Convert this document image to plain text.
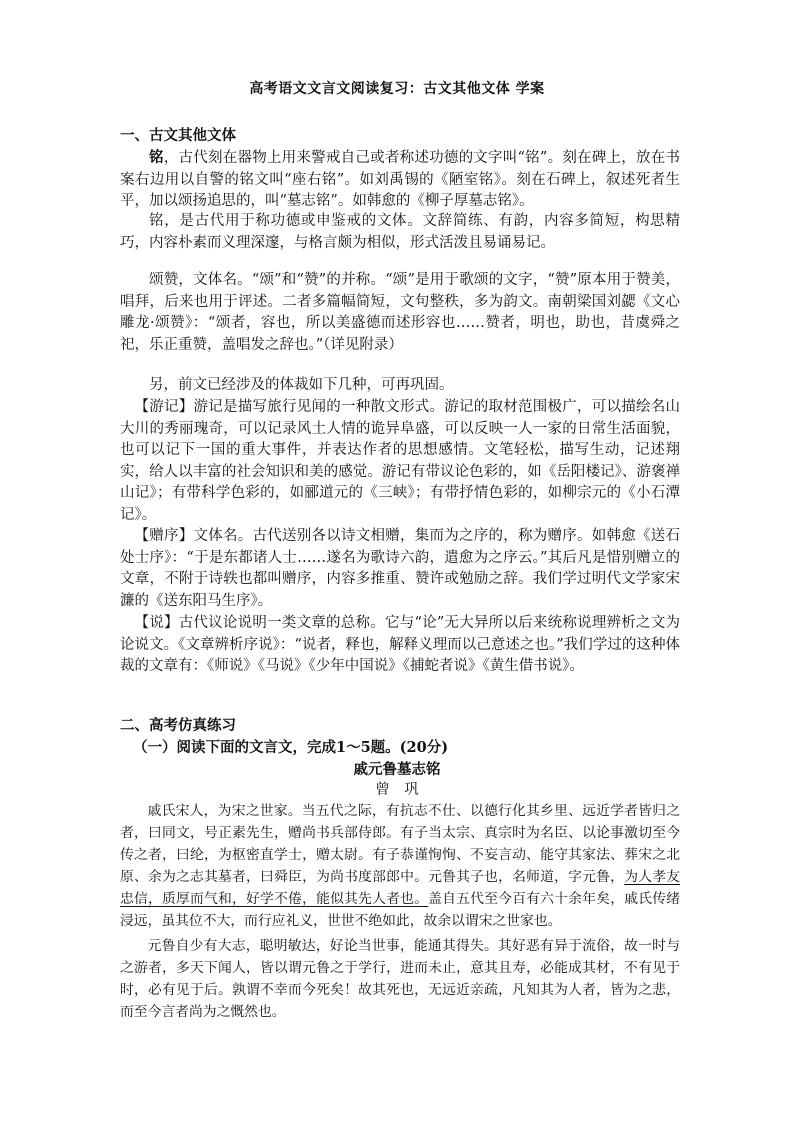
高考语文文言文阅读复习：古文其他文体 学案
一、古文其他文体
铭，古代刻在器物上用来警戒自己或者称述功德的文字叫“铭”。刻在碑上，放在书案右边用以自警的铭文叫“座右铭”。如刘禹锡的《陋室铭》。刻在石碑上，叙述死者生平，加以颂扬追思的，叫“墓志铭”。如韩愈的《柳子厚墓志铭》。
铭，是古代用于称功德或申鉴戒的文体。文辞简练、有韵，内容多简短，构思精巧，内容朴素而义理深邃，与格言颇为相似，形式活泼且易诵易记。
颂赞，文体名。“颂”和“赞”的并称。“颂”是用于歌颂的文字，“赞”原本用于赞美，唱拜，后来也用于评述。二者多篇幅简短，文句整秩，多为韵文。南朝梁国刘勰《文心雕龙·颂赞》：“颂者，容也，所以美盛德而述形容也……赞者，明也，助也，昔虞舜之祀，乐正重赞，盖唱发之辞也。”（详见附录）
另，前文已经涉及的体裁如下几种，可再巩固。
【游记】游记是描写旅行见闻的一种散文形式。游记的取材范围极广，可以描绘名山大川的秀丽瑰奇，可以记录风土人情的诡异阜盛，可以反映一人一家的日常生活面貌，也可以记下一国的重大事件，并表达作者的思想感情。文笔轻松，描写生动，记述翔实，给人以丰富的社会知识和美的感觉。游记有带议论色彩的，如《岳阳楼记》、游褒禅山记》；有带科学色彩的，如郦道元的《三峡》；有带抒情色彩的，如柳宗元的《小石潭记》。
【赠序】文体名。古代送别各以诗文相赠，集而为之序的，称为赠序。如韩愈《送石处士序》：“于是东都诸人士……遂名为歌诗六韵，遣愈为之序云。”其后凡是惜别赠立的文章，不附于诗轶也都叫赠序，内容多推重、赞许或勉励之辞。我们学过明代文学家宋濂的《送东阳马生序》。
【说】古代议论说明一类文章的总称。它与“论”无大异所以后来统称说理辨析之文为论说文。《文章辨析序说》：“说者，释也，解释义理而以己意述之也。”我们学过的这种体裁的文章有：《师说》《马说》《少年中国说》《捕蛇者说》《黄生借书说》。
二、高考仿真练习
（一）阅读下面的文言文，完成1～5题。(20分)
戚元鲁墓志铭
曾　巩
戚氏宋人，为宋之世家。当五代之际，有抗志不仕、以德行化其乡里、远近学者皆归之者，曰同文，号正素先生，赠尚书兵部侍郎。有子当太宗、真宗时为名臣、以论事激切至今传之者，曰纶，为枢密直学士，赠太尉。有子恭谨恂恂、不妄言动、能守其家法、葬宋之北原、余为之志其墓者，曰舜臣，为尚书度部郎中。元鲁其子也，名师道，字元鲁，为人孝友忠信，质厚而气和，好学不倦，能似其先人者也。盖自五代至今百有六十余年矣，戚氏传绪浸远，虽其位不大，而行应礼义，世世不绝如此，故余以谓宋之世家也。
元鲁自少有大志，聪明敏达，好论当世事，能通其得失。其好恶有异于流俗，故一时与之游者，多天下闻人，皆以谓元鲁之于学行，进而未止，意其且寿，必能成其材，不有见于时，必有见于后。孰谓不幸而今死矣！故其死也，无远近亲疏，凡知其为人者，皆为之悲，而至今言者尚为之慨然也。
